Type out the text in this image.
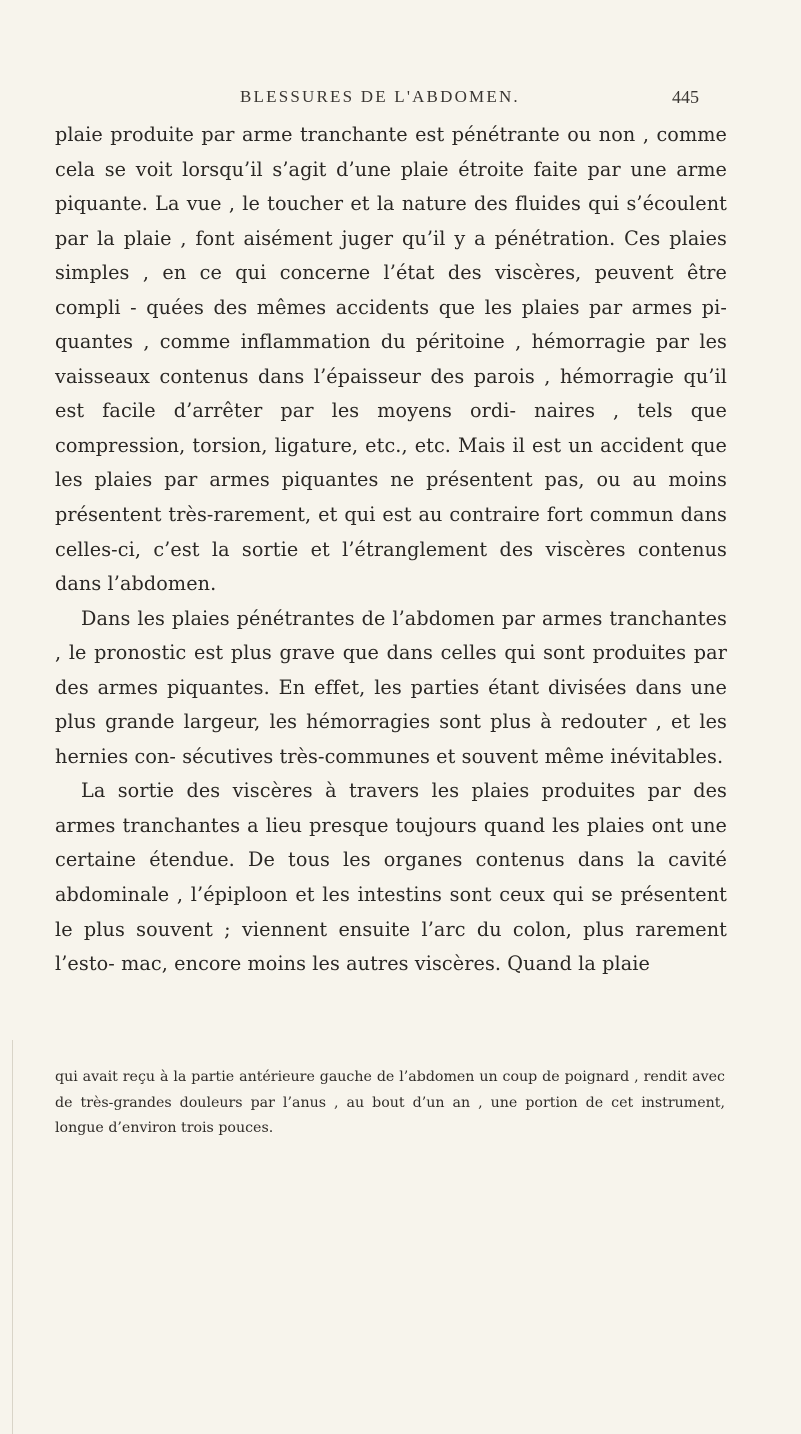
BLESSURES DE L'ABDOMEN.	445

plaie produite par arme tranchante est pénétrante ou non , comme cela se voit lorsqu’il s’agit d’une plaie étroite faite par une arme piquante. La vue , le toucher et la nature des fluides qui s’écoulent par la plaie , font aisément juger qu’il y a pénétration. Ces plaies simples , en ce qui concerne l’état des viscères, peuvent être compli - quées des mêmes accidents que les plaies par armes pi- quantes , comme inflammation du péritoine , hémorragie par les vaisseaux contenus dans l’épaisseur des parois , hémorragie qu’il est facile d’arrêter par les moyens ordi- naires , tels que compression, torsion, ligature, etc., etc. Mais il est un accident que les plaies par armes piquantes ne présentent pas, ou au moins présentent très-rarement, et qui est au contraire fort commun dans celles-ci, c’est la sortie et l’étranglement des viscères contenus dans l’abdomen.

Dans les plaies pénétrantes de l’abdomen par armes tranchantes , le pronostic est plus grave que dans celles qui sont produites par des armes piquantes. En effet, les parties étant divisées dans une plus grande largeur, les hémorragies sont plus à redouter , et les hernies con- sécutives très-communes et souvent même inévitables.

La sortie des viscères à travers les plaies produites par des armes tranchantes a lieu presque toujours quand les plaies ont une certaine étendue. De tous les organes contenus dans la cavité abdominale , l’épiploon et les intestins sont ceux qui se présentent le plus souvent ; viennent ensuite l’arc du colon, plus rarement l’esto- mac, encore moins les autres viscères. Quand la plaie

qui avait reçu à la partie antérieure gauche de l’abdomen un coup de poignard , rendit avec de très-grandes douleurs par l’anus , au bout d’un an , une portion de cet instrument, longue d’environ trois pouces.
